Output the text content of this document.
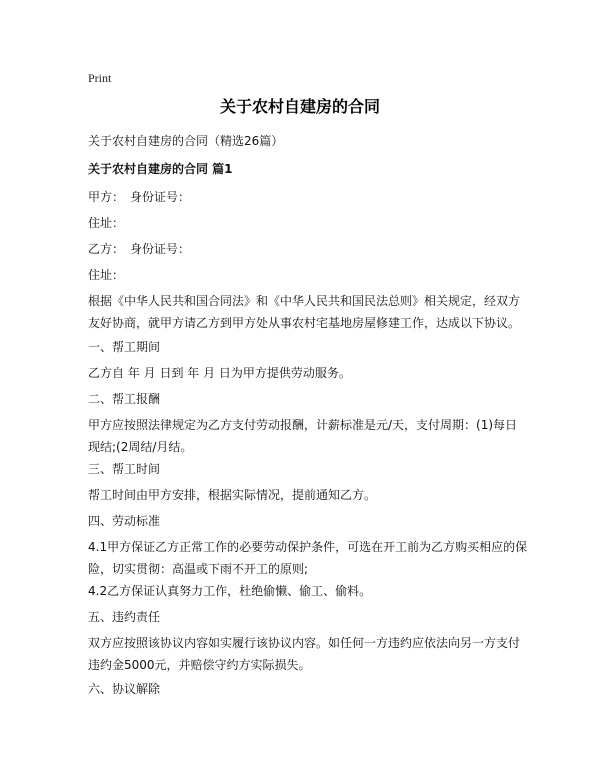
Print
关于农村自建房的合同
关于农村自建房的合同（精选26篇）
关于农村自建房的合同 篇1
甲方：　身份证号：
住址：
乙方：　身份证号：
住址：
根据《中华人民共和国合同法》和《中华人民共和国民法总则》相关规定，经双方友好协商，就甲方请乙方到甲方处从事农村宅基地房屋修建工作，达成以下协议。
一、帮工期间
乙方自 年 月 日到 年 月 日为甲方提供劳动服务。
二、帮工报酬
甲方应按照法律规定为乙方支付劳动报酬，计薪标准是元/天，支付周期：(1)每日现结;(2周结/月结。
三、帮工时间
帮工时间由甲方安排，根据实际情况，提前通知乙方。
四、劳动标准
4.1甲方保证乙方正常工作的必要劳动保护条件，可选在开工前为乙方购买相应的保险，切实贯彻：高温或下雨不开工的原则;
4.2乙方保证认真努力工作，杜绝偷懒、偷工、偷料。
五、违约责任
双方应按照该协议内容如实履行该协议内容。如任何一方违约应依法向另一方支付违约金5000元，并赔偿守约方实际损失。
六、协议解除
